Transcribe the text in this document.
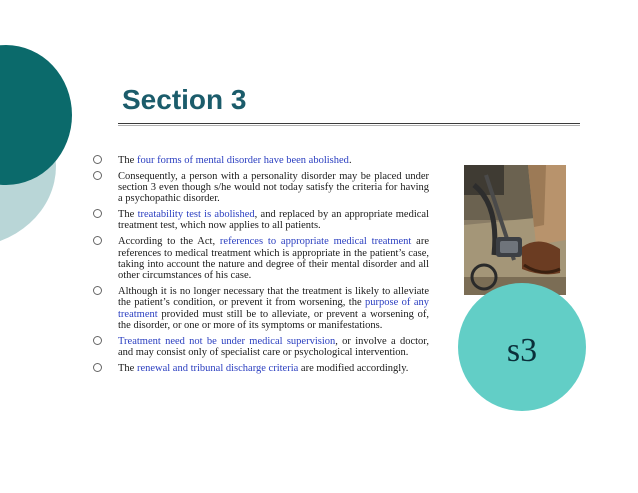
Section 3
The four forms of mental disorder have been abolished.
Consequently, a person with a personality disorder may be placed under section 3 even though s/he would not today satisfy the criteria for having a psychopathic disorder.
The treatability test is abolished, and replaced by an appropriate medical treatment test, which now applies to all patients.
According to the Act, references to appropriate medical treatment are references to medical treatment which is appropriate in the patient’s case, taking into account the nature and degree of their mental disorder and all other circumstances of his case.
Although it is no longer necessary that the treatment is likely to alleviate the patient’s condition, or prevent it from worsening, the purpose of any treatment provided must still be to alleviate, or prevent a worsening of, the disorder, or one or more of its symptoms or manifestations.
Treatment need not be under medical supervision, or involve a doctor, and may consist only of specialist care or psychological intervention.
The renewal and tribunal discharge criteria are modified accordingly.	s3
